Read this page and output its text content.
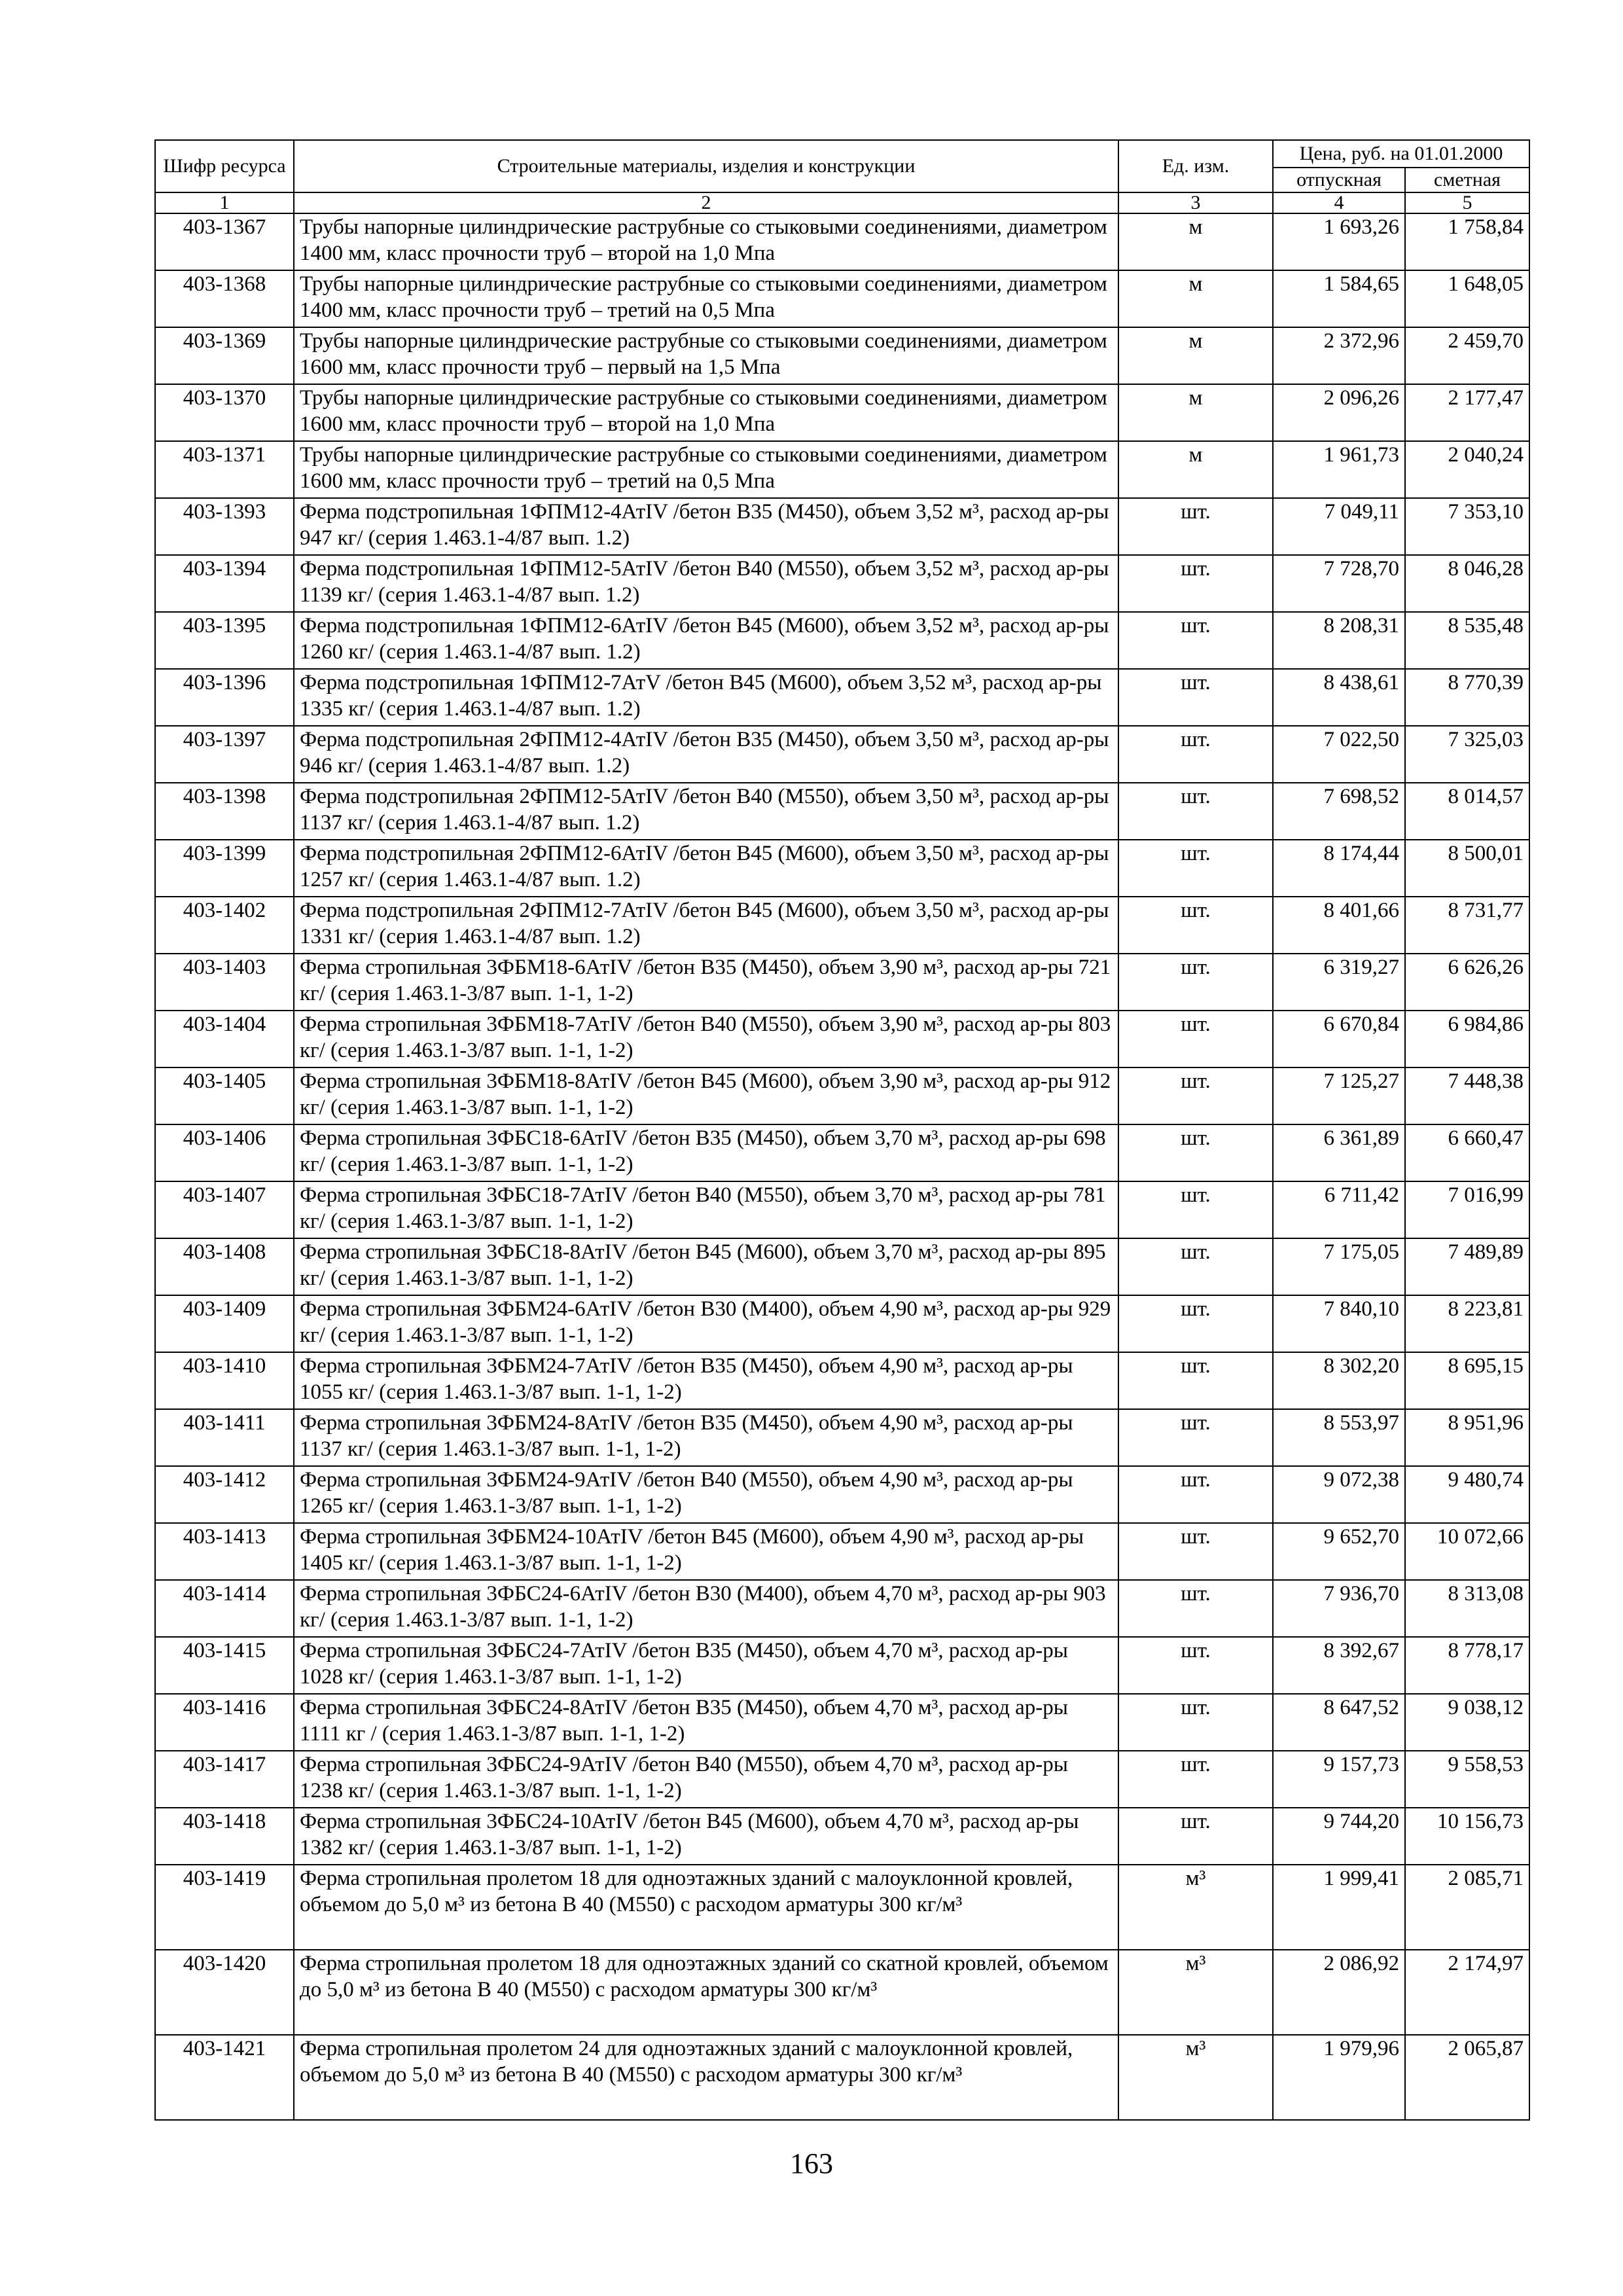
Шифр ресурса	Строительные материалы, изделия и конструкции	Ед. изм.	Цена, руб. на 01.01.2000	
			отпускная	сметная
1	2	3	4	5
403-1367	Трубы напорные цилиндрические раструбные со стыковыми соединениями, диаметром 1400 мм, класс прочности труб – второй на 1,0 Мпа	м	1 693,26	1 758,84
403-1368	Трубы напорные цилиндрические раструбные со стыковыми соединениями, диаметром 1400 мм, класс прочности труб – третий на 0,5 Мпа	м	1 584,65	1 648,05
403-1369	Трубы напорные цилиндрические раструбные со стыковыми соединениями, диаметром 1600 мм, класс прочности труб – первый на 1,5 Мпа	м	2 372,96	2 459,70
403-1370	Трубы напорные цилиндрические раструбные со стыковыми соединениями, диаметром 1600 мм, класс прочности труб – второй на 1,0 Мпа	м	2 096,26	2 177,47
403-1371	Трубы напорные цилиндрические раструбные со стыковыми соединениями, диаметром 1600 мм, класс прочности труб – третий на 0,5 Мпа	м	1 961,73	2 040,24
403-1393	Ферма подстропильная 1ФПМ12-4АтIV /бетон В35 (М450), объем 3,52 м³, расход ар-ры 947 кг/ (серия 1.463.1-4/87 вып. 1.2)	шт.	7 049,11	7 353,10
403-1394	Ферма подстропильная 1ФПМ12-5АтIV /бетон В40 (М550), объем 3,52 м³, расход ар-ры 1139 кг/ (серия 1.463.1-4/87 вып. 1.2)	шт.	7 728,70	8 046,28
403-1395	Ферма подстропильная 1ФПМ12-6АтIV /бетон В45 (М600), объем 3,52 м³, расход ар-ры 1260 кг/ (серия 1.463.1-4/87 вып. 1.2)	шт.	8 208,31	8 535,48
403-1396	Ферма подстропильная 1ФПМ12-7АтV /бетон В45 (М600), объем 3,52 м³, расход ар-ры 1335 кг/ (серия 1.463.1-4/87 вып. 1.2)	шт.	8 438,61	8 770,39
403-1397	Ферма подстропильная 2ФПМ12-4АтIV /бетон В35 (М450), объем 3,50 м³, расход ар-ры 946 кг/ (серия 1.463.1-4/87 вып. 1.2)	шт.	7 022,50	7 325,03
403-1398	Ферма подстропильная 2ФПМ12-5АтIV /бетон В40 (М550), объем 3,50 м³, расход ар-ры 1137 кг/ (серия 1.463.1-4/87 вып. 1.2)	шт.	7 698,52	8 014,57
403-1399	Ферма подстропильная 2ФПМ12-6АтIV /бетон В45 (М600), объем 3,50 м³, расход ар-ры 1257 кг/ (серия 1.463.1-4/87 вып. 1.2)	шт.	8 174,44	8 500,01
403-1402	Ферма подстропильная 2ФПМ12-7АтIV /бетон В45 (М600), объем 3,50 м³, расход ар-ры 1331 кг/ (серия 1.463.1-4/87 вып. 1.2)	шт.	8 401,66	8 731,77
403-1403	Ферма стропильная 3ФБМ18-6АтIV /бетон В35 (М450), объем 3,90 м³, расход ар-ры 721 кг/ (серия 1.463.1-3/87 вып. 1-1, 1-2)	шт.	6 319,27	6 626,26
403-1404	Ферма стропильная 3ФБМ18-7АтIV /бетон В40 (М550), объем 3,90 м³, расход ар-ры 803 кг/ (серия 1.463.1-3/87 вып. 1-1, 1-2)	шт.	6 670,84	6 984,86
403-1405	Ферма стропильная 3ФБМ18-8АтIV /бетон В45 (М600), объем 3,90 м³, расход ар-ры 912 кг/ (серия 1.463.1-3/87 вып. 1-1, 1-2)	шт.	7 125,27	7 448,38
403-1406	Ферма стропильная 3ФБС18-6АтIV /бетон В35 (М450), объем 3,70 м³, расход ар-ры 698 кг/ (серия 1.463.1-3/87 вып. 1-1, 1-2)	шт.	6 361,89	6 660,47
403-1407	Ферма стропильная 3ФБС18-7АтIV /бетон В40 (М550), объем 3,70 м³, расход ар-ры 781 кг/ (серия 1.463.1-3/87 вып. 1-1, 1-2)	шт.	6 711,42	7 016,99
403-1408	Ферма стропильная 3ФБС18-8АтIV /бетон В45 (М600), объем 3,70 м³, расход ар-ры 895 кг/ (серия 1.463.1-3/87 вып. 1-1, 1-2)	шт.	7 175,05	7 489,89
403-1409	Ферма стропильная 3ФБМ24-6АтIV /бетон В30 (М400), объем 4,90 м³, расход ар-ры 929 кг/ (серия 1.463.1-3/87 вып. 1-1, 1-2)	шт.	7 840,10	8 223,81
403-1410	Ферма стропильная 3ФБМ24-7АтIV /бетон В35 (М450), объем 4,90 м³, расход ар-ры 1055 кг/ (серия 1.463.1-3/87 вып. 1-1, 1-2)	шт.	8 302,20	8 695,15
403-1411	Ферма стропильная 3ФБМ24-8АтIV /бетон В35 (М450), объем 4,90 м³, расход ар-ры 1137 кг/ (серия 1.463.1-3/87 вып. 1-1, 1-2)	шт.	8 553,97	8 951,96
403-1412	Ферма стропильная 3ФБМ24-9АтIV /бетон В40 (М550), объем 4,90 м³, расход ар-ры 1265 кг/ (серия 1.463.1-3/87 вып. 1-1, 1-2)	шт.	9 072,38	9 480,74
403-1413	Ферма стропильная 3ФБМ24-10АтIV /бетон В45 (М600), объем 4,90 м³, расход ар-ры 1405 кг/ (серия 1.463.1-3/87 вып. 1-1, 1-2)	шт.	9 652,70	10 072,66
403-1414	Ферма стропильная 3ФБС24-6АтIV /бетон В30 (М400), объем 4,70 м³, расход ар-ры 903 кг/ (серия 1.463.1-3/87 вып. 1-1, 1-2)	шт.	7 936,70	8 313,08
403-1415	Ферма стропильная 3ФБС24-7АтIV /бетон В35 (М450), объем 4,70 м³, расход ар-ры 1028 кг/ (серия 1.463.1-3/87 вып. 1-1, 1-2)	шт.	8 392,67	8 778,17
403-1416	Ферма стропильная 3ФБС24-8АтIV /бетон В35 (М450), объем 4,70 м³, расход ар-ры 1111 кг / (серия 1.463.1-3/87 вып. 1-1, 1-2)	шт.	8 647,52	9 038,12
403-1417	Ферма стропильная 3ФБС24-9АтIV /бетон В40 (М550), объем 4,70 м³, расход ар-ры 1238 кг/ (серия 1.463.1-3/87 вып. 1-1, 1-2)	шт.	9 157,73	9 558,53
403-1418	Ферма стропильная 3ФБС24-10АтIV /бетон В45 (М600), объем 4,70 м³, расход ар-ры 1382 кг/ (серия 1.463.1-3/87 вып. 1-1, 1-2)	шт.	9 744,20	10 156,73
403-1419	Ферма стропильная пролетом 18 для одноэтажных зданий с малоуклонной кровлей, объемом до 5,0 м³ из бетона В 40 (М550) с расходом арматуры 300 кг/м³	м³	1 999,41	2 085,71
403-1420	Ферма стропильная пролетом 18 для одноэтажных зданий со скатной кровлей, объемом до 5,0 м³ из бетона В 40 (М550) с расходом арматуры 300 кг/м³	м³	2 086,92	2 174,97
403-1421	Ферма стропильная пролетом 24 для одноэтажных зданий с малоуклонной кровлей, объемом до 5,0 м³ из бетона В 40 (М550) с расходом арматуры 300 кг/м³	м³	1 979,96	2 065,87
163
